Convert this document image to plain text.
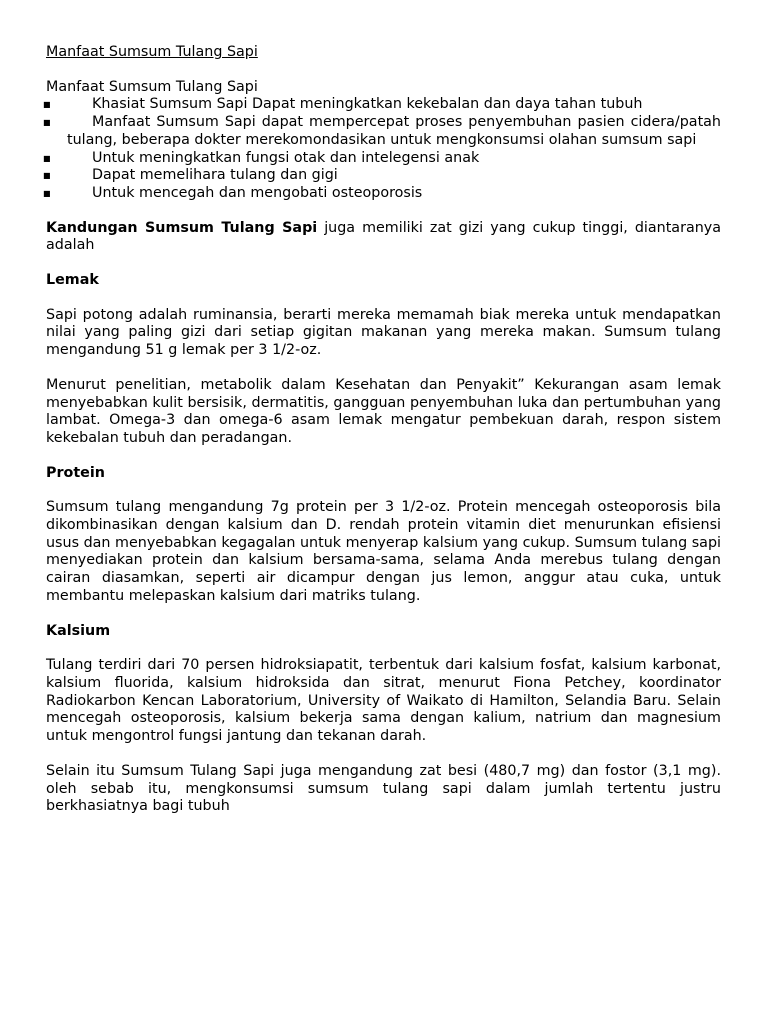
Manfaat Sumsum Tulang Sapi

Manfaat Sumsum Tulang Sapi

■	Khasiat Sumsum Sapi Dapat meningkatkan kekebalan dan daya tahan tubuh
■	Manfaat Sumsum Sapi dapat mempercepat proses penyembuhan pasien cidera/patah tulang, beberapa dokter merekomondasikan untuk mengkonsumsi olahan sumsum sapi
■	Untuk meningkatkan fungsi otak dan intelegensi anak
■	Dapat memelihara tulang dan gigi
■	Untuk mencegah dan mengobati osteoporosis

Kandungan Sumsum Tulang Sapi juga memiliki zat gizi yang cukup tinggi, diantaranya adalah

Lemak

Sapi potong adalah ruminansia, berarti mereka memamah biak mereka untuk mendapatkan nilai yang paling gizi dari setiap gigitan makanan yang mereka makan. Sumsum tulang mengandung 51 g lemak per 3 1/2-oz.

Menurut penelitian, metabolik dalam Kesehatan dan Penyakit” Kekurangan asam lemak menyebabkan kulit bersisik, dermatitis, gangguan penyembuhan luka dan pertumbuhan yang lambat. Omega-3 dan omega-6 asam lemak mengatur pembekuan darah, respon sistem kekebalan tubuh dan peradangan.

Protein

Sumsum tulang mengandung 7g protein per 3 1/2-oz. Protein mencegah osteoporosis bila dikombinasikan dengan kalsium dan D. rendah protein vitamin diet menurunkan efisiensi usus dan menyebabkan kegagalan untuk menyerap kalsium yang cukup. Sumsum tulang sapi menyediakan protein dan kalsium bersama-sama, selama Anda merebus tulang dengan cairan diasamkan, seperti air dicampur dengan jus lemon, anggur atau cuka, untuk membantu melepaskan kalsium dari matriks tulang.

Kalsium

Tulang terdiri dari 70 persen hidroksiapatit, terbentuk dari kalsium fosfat, kalsium karbonat, kalsium fluorida, kalsium hidroksida dan sitrat, menurut Fiona Petchey, koordinator Radiokarbon Kencan Laboratorium, University of Waikato di Hamilton, Selandia Baru. Selain mencegah osteoporosis, kalsium bekerja sama dengan kalium, natrium dan magnesium untuk mengontrol fungsi jantung dan tekanan darah.

Selain itu Sumsum Tulang Sapi juga mengandung zat besi (480,7 mg) dan fostor (3,1 mg). oleh sebab itu, mengkonsumsi sumsum tulang sapi dalam jumlah tertentu justru berkhasiatnya bagi tubuh
